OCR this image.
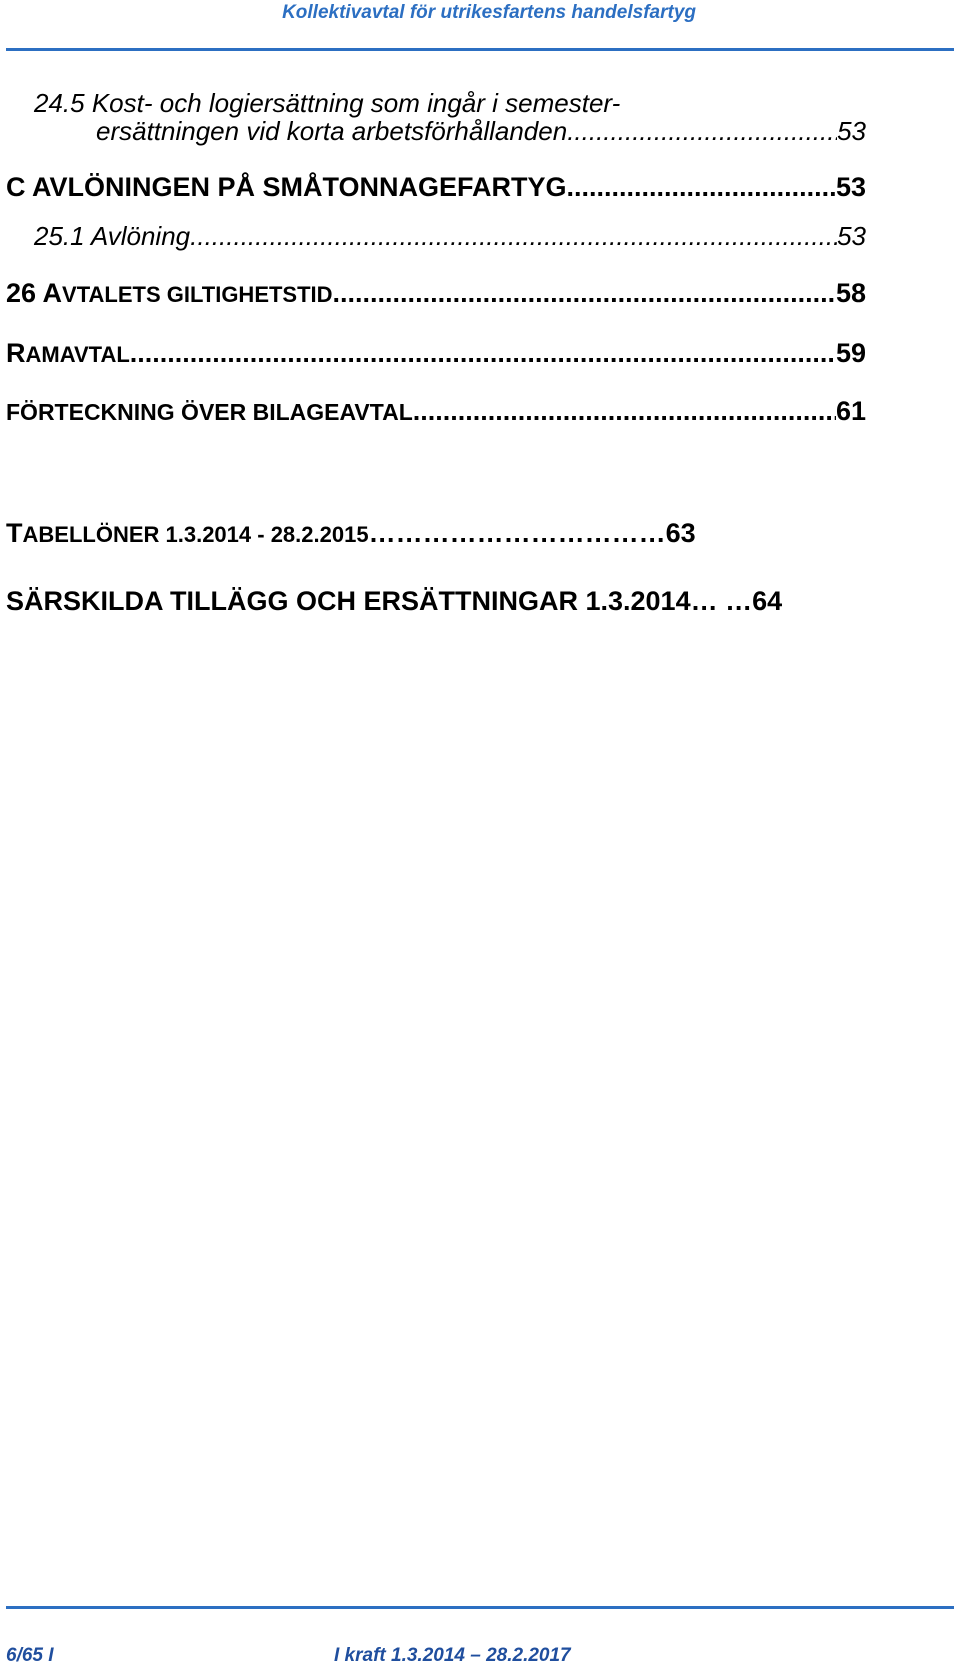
Kollektivavtal för utrikesfartens handelsfartyg
24.5 Kost- och logiersättning som ingår i semester-
ersättningen vid korta arbetsförhållanden .....	53
C AVLÖNINGEN PÅ SMÅTONNAGEFARTYG .....	53
25.1 Avlöning .....	53
26 AVTALETS GILTIGHETSTID .....	58
RAMAVTAL .....	59
FÖRTECKNING ÖVER BILAGEAVTAL .....	61
TABELLÖNER 1.3.2014 - 28.2.2015……………………………63
SÄRSKILDA TILLÄGG OCH ERSÄTTNINGAR 1.3.2014… …64
6/65 I	I kraft 1.3.2014 – 28.2.2017
